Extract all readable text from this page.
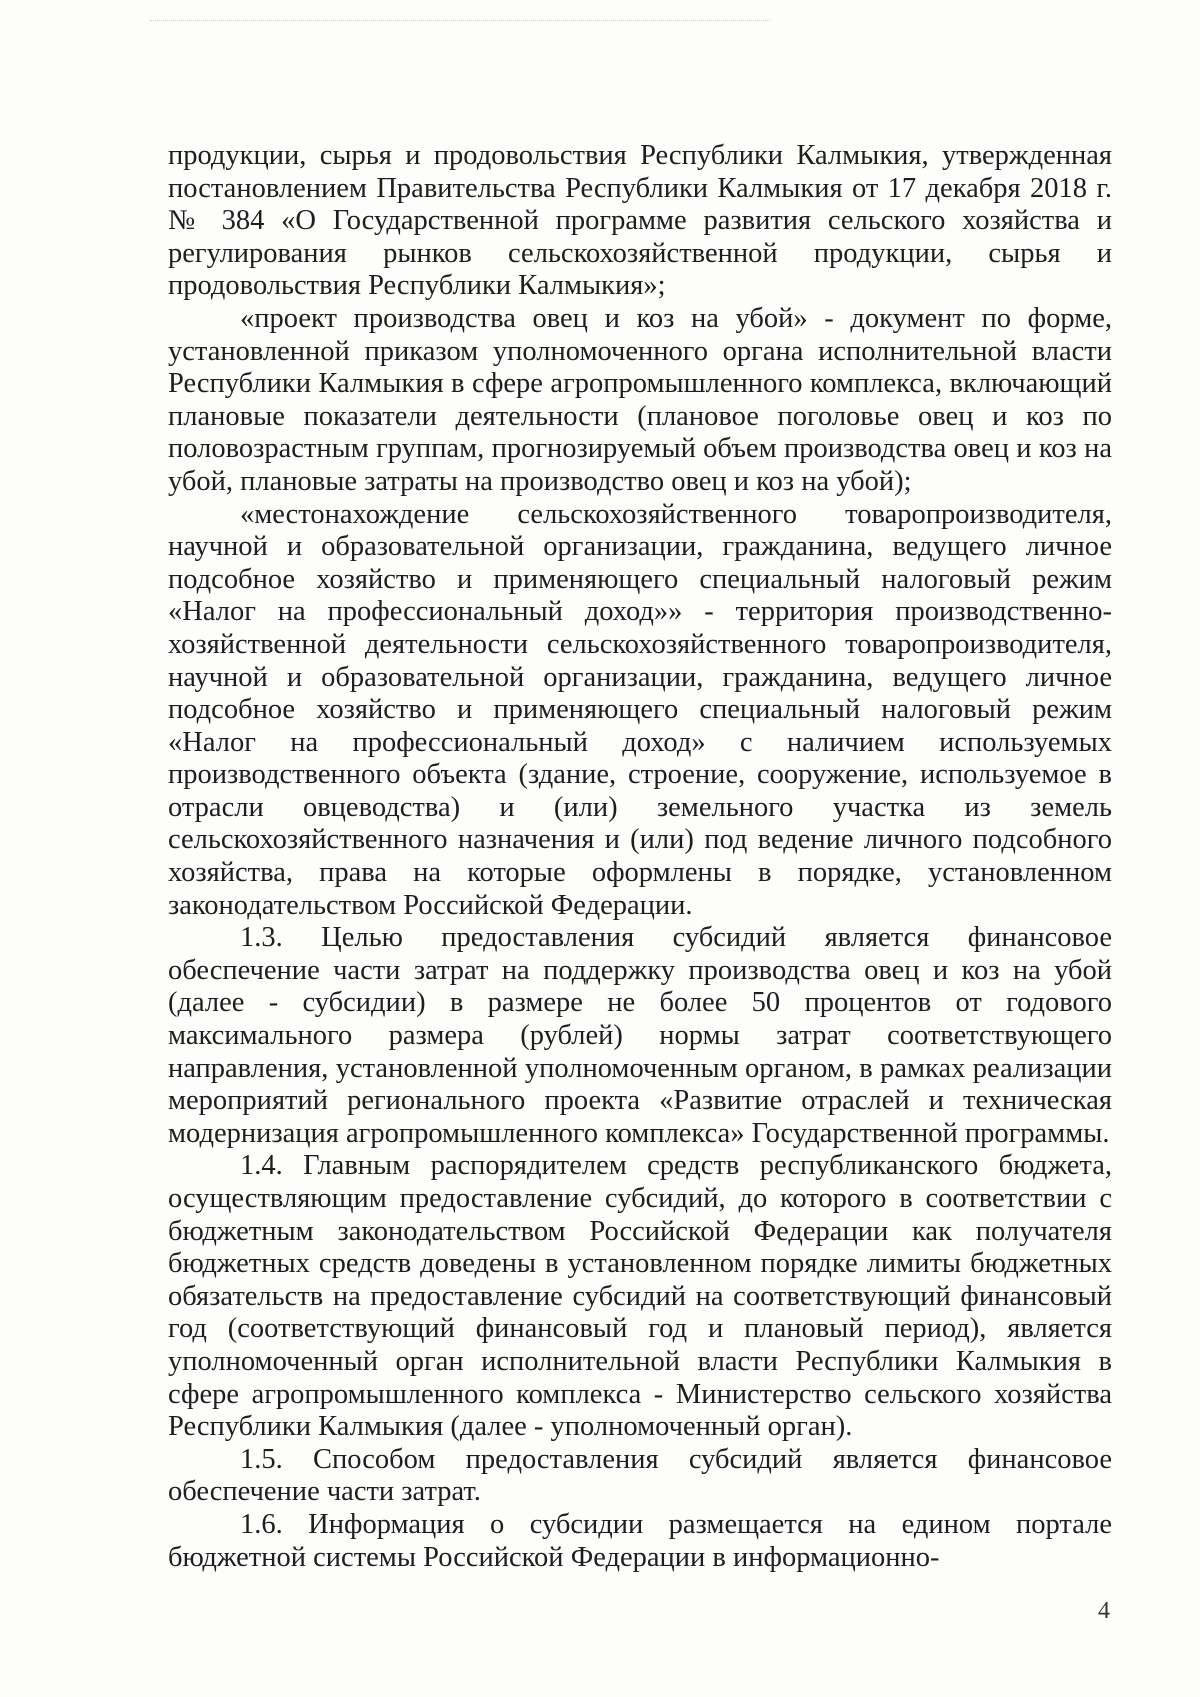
продукции, сырья и продовольствия Республики Калмыкия, утвержденная постановлением Правительства Республики Калмыкия от 17 декабря 2018 г. № 384 «О Государственной программе развития сельского хозяйства и регулирования рынков сельскохозяйственной продукции, сырья и продовольствия Республики Калмыкия»;

«проект производства овец и коз на убой» - документ по форме, установленной приказом уполномоченного органа исполнительной власти Республики Калмыкия в сфере агропромышленного комплекса, включающий плановые показатели деятельности (плановое поголовье овец и коз по половозрастным группам, прогнозируемый объем производства овец и коз на убой, плановые затраты на производство овец и коз на убой);

«местонахождение сельскохозяйственного товаропроизводителя, научной и образовательной организации, гражданина, ведущего личное подсобное хозяйство и применяющего специальный налоговый режим «Налог на профессиональный доход»» - территория производственно-хозяйственной деятельности сельскохозяйственного товаропроизводителя, научной и образовательной организации, гражданина, ведущего личное подсобное хозяйство и применяющего специальный налоговый режим «Налог на профессиональный доход» с наличием используемых производственного объекта (здание, строение, сооружение, используемое в отрасли овцеводства) и (или) земельного участка из земель сельскохозяйственного назначения и (или) под ведение личного подсобного хозяйства, права на которые оформлены в порядке, установленном законодательством Российской Федерации.

1.3. Целью предоставления субсидий является финансовое обеспечение части затрат на поддержку производства овец и коз на убой (далее - субсидии) в размере не более 50 процентов от годового максимального размера (рублей) нормы затрат соответствующего направления, установленной уполномоченным органом, в рамках реализации мероприятий регионального проекта «Развитие отраслей и техническая модернизация агропромышленного комплекса» Государственной программы.

1.4. Главным распорядителем средств республиканского бюджета, осуществляющим предоставление субсидий, до которого в соответствии с бюджетным законодательством Российской Федерации как получателя бюджетных средств доведены в установленном порядке лимиты бюджетных обязательств на предоставление субсидий на соответствующий финансовый год (соответствующий финансовый год и плановый период), является уполномоченный орган исполнительной власти Республики Калмыкия в сфере агропромышленного комплекса - Министерство сельского хозяйства Республики Калмыкия (далее - уполномоченный орган).

1.5. Способом предоставления субсидий является финансовое обеспечение части затрат.

1.6. Информация о субсидии размещается на едином портале бюджетной системы Российской Федерации в информационно-

4
